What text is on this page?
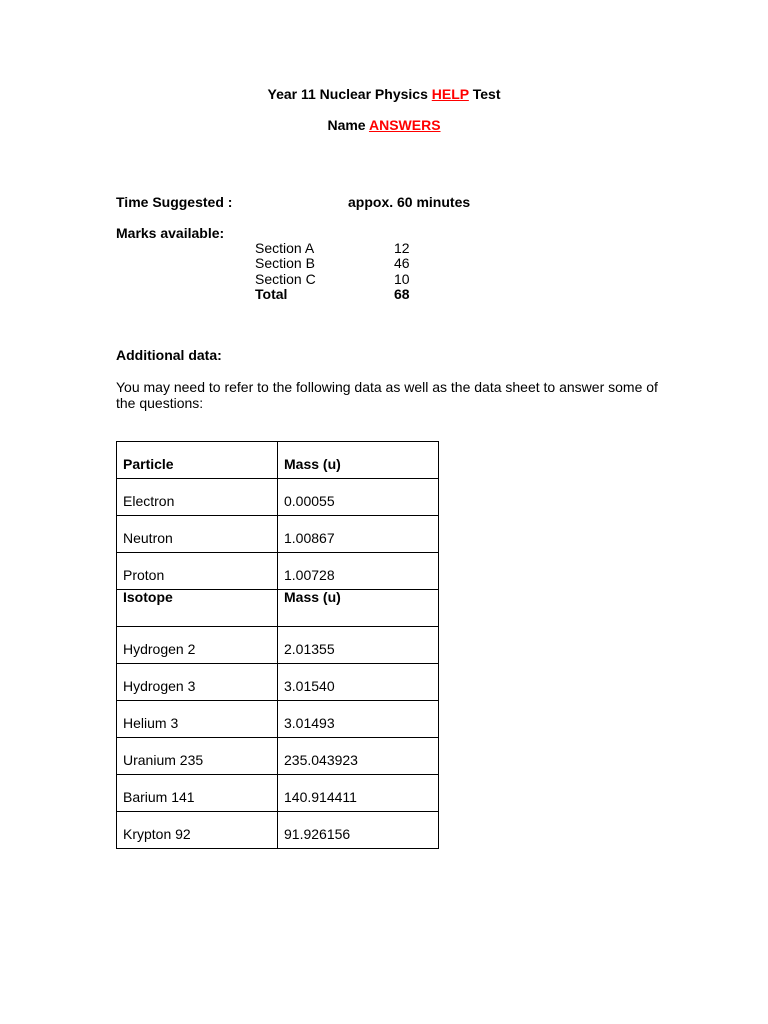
Year 11 Nuclear Physics HELP Test
Name ANSWERS
Time Suggested :	appox. 60 minutes
Marks available:
Section A	12
Section B	46
Section C	10
Total	68
Additional data:
You may need to refer to the following data as well as the data sheet to answer some of the questions:
Particle	Mass (u)
Electron	0.00055
Neutron	1.00867
Proton	1.00728
Isotope	Mass (u)
Hydrogen 2	2.01355
Hydrogen 3	3.01540
Helium 3	3.01493
Uranium 235	235.043923
Barium 141	140.914411
Krypton 92	91.926156
